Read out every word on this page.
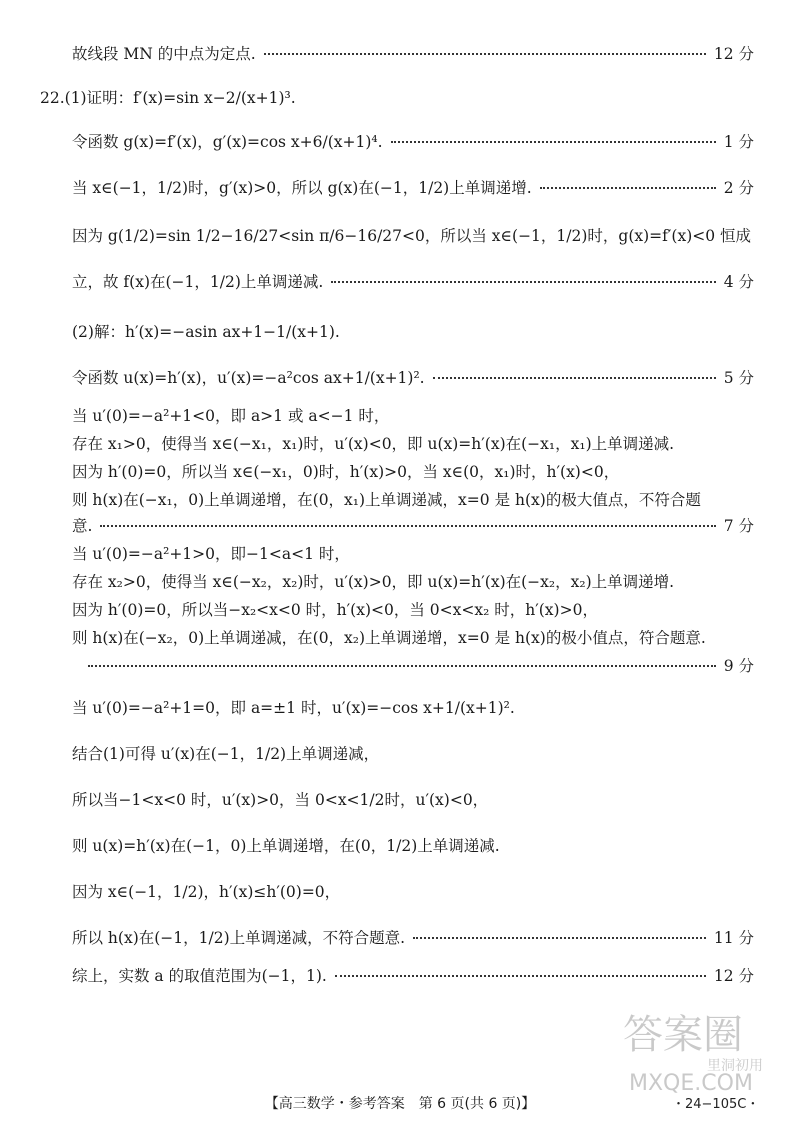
故线段 MN 的中点为定点.	12 分
22.(1)证明：f′(x)=sin x−2/(x+1)³.
令函数 g(x)=f′(x)，g′(x)=cos x+6/(x+1)⁴.	1 分
当 x∈(−1，1/2)时，g′(x)>0，所以 g(x)在(−1，1/2)上单调递增.	2 分
因为 g(1/2)=sin 1/2−16/27<sin π/6−16/27<0，所以当 x∈(−1，1/2)时，g(x)=f′(x)<0 恒成
立，故 f(x)在(−1，1/2)上单调递减.	4 分
(2)解：h′(x)=−asin ax+1−1/(x+1).
令函数 u(x)=h′(x)，u′(x)=−a²cos ax+1/(x+1)².	5 分
当 u′(0)=−a²+1<0，即 a>1 或 a<−1 时，
存在 x₁>0，使得当 x∈(−x₁，x₁)时，u′(x)<0，即 u(x)=h′(x)在(−x₁，x₁)上单调递减.
因为 h′(0)=0，所以当 x∈(−x₁，0)时，h′(x)>0，当 x∈(0，x₁)时，h′(x)<0，
则 h(x)在(−x₁，0)上单调递增，在(0，x₁)上单调递减，x=0 是 h(x)的极大值点，不符合题
意.	7 分
当 u′(0)=−a²+1>0，即−1<a<1 时，
存在 x₂>0，使得当 x∈(−x₂，x₂)时，u′(x)>0，即 u(x)=h′(x)在(−x₂，x₂)上单调递增.
因为 h′(0)=0，所以当−x₂<x<0 时，h′(x)<0，当 0<x<x₂ 时，h′(x)>0，
则 h(x)在(−x₂，0)上单调递减，在(0，x₂)上单调递增，x=0 是 h(x)的极小值点，符合题意.
9 分
当 u′(0)=−a²+1=0，即 a=±1 时，u′(x)=−cos x+1/(x+1)².
结合(1)可得 u′(x)在(−1，1/2)上单调递减，
所以当−1<x<0 时，u′(x)>0，当 0<x<1/2时，u′(x)<0，
则 u(x)=h′(x)在(−1，0)上单调递增，在(0，1/2)上单调递减.
因为 x∈(−1，1/2)，h′(x)≤h′(0)=0，
所以 h(x)在(−1，1/2)上单调递减，不符合题意.	11 分
综上，实数 a 的取值范围为(−1，1).	12 分
答案圈
MXQE.COM
里洞初用
【高三数学・参考答案　第 6 页(共 6 页)】	・24−105C・
